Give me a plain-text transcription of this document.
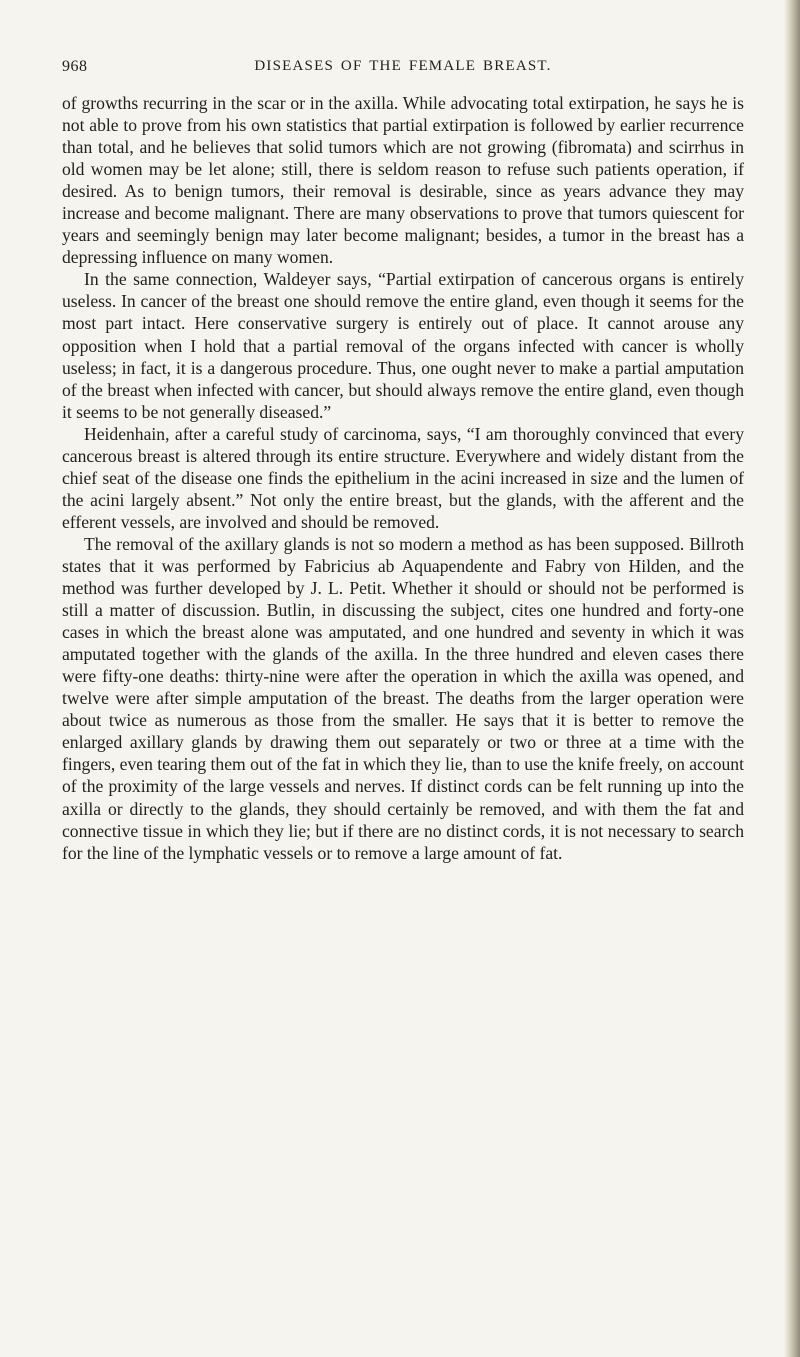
968	DISEASES OF THE FEMALE BREAST.

of growths recurring in the scar or in the axilla. While advocating total extirpation, he says he is not able to prove from his own statistics that partial extirpation is followed by earlier recurrence than total, and he believes that solid tumors which are not growing (fibromata) and scirrhus in old women may be let alone; still, there is seldom reason to refuse such patients operation, if desired. As to benign tumors, their removal is desirable, since as years advance they may increase and become malignant. There are many observations to prove that tumors quiescent for years and seemingly benign may later become malignant; besides, a tumor in the breast has a depressing influence on many women.

In the same connection, Waldeyer says, “Partial extirpation of cancerous organs is entirely useless. In cancer of the breast one should remove the entire gland, even though it seems for the most part intact. Here conservative surgery is entirely out of place. It cannot arouse any opposition when I hold that a partial removal of the organs infected with cancer is wholly useless; in fact, it is a dangerous procedure. Thus, one ought never to make a partial amputation of the breast when infected with cancer, but should always remove the entire gland, even though it seems to be not generally diseased.”

Heidenhain, after a careful study of carcinoma, says, “I am thoroughly convinced that every cancerous breast is altered through its entire structure. Everywhere and widely distant from the chief seat of the disease one finds the epithelium in the acini increased in size and the lumen of the acini largely absent.” Not only the entire breast, but the glands, with the afferent and the efferent vessels, are involved and should be removed.

The removal of the axillary glands is not so modern a method as has been supposed. Billroth states that it was performed by Fabricius ab Aquapendente and Fabry von Hilden, and the method was further developed by J. L. Petit. Whether it should or should not be performed is still a matter of discussion. Butlin, in discussing the subject, cites one hundred and forty-one cases in which the breast alone was amputated, and one hundred and seventy in which it was amputated together with the glands of the axilla. In the three hundred and eleven cases there were fifty-one deaths: thirty-nine were after the operation in which the axilla was opened, and twelve were after simple amputation of the breast. The deaths from the larger operation were about twice as numerous as those from the smaller. He says that it is better to remove the enlarged axillary glands by drawing them out separately or two or three at a time with the fingers, even tearing them out of the fat in which they lie, than to use the knife freely, on account of the proximity of the large vessels and nerves. If distinct cords can be felt running up into the axilla or directly to the glands, they should certainly be removed, and with them the fat and connective tissue in which they lie; but if there are no distinct cords, it is not necessary to search for the line of the lymphatic vessels or to remove a large amount of fat.
